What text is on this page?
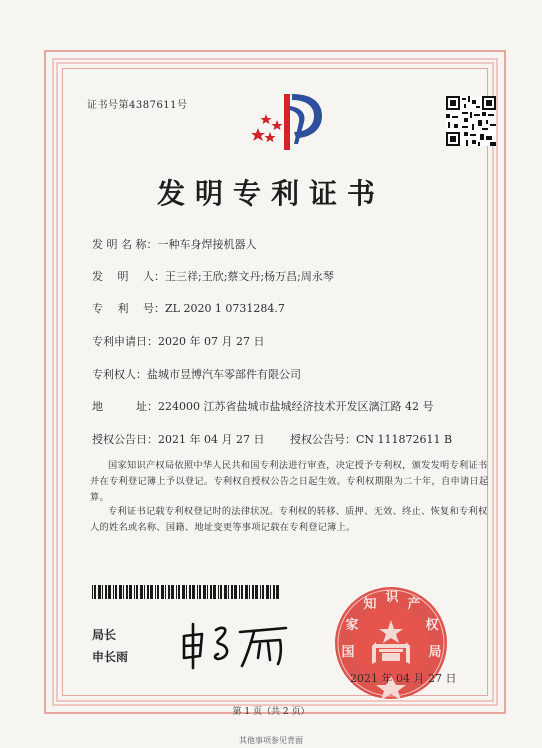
证书号第4387611号
发明专利证书
发 明 名 称：一种车身焊接机器人
发　 明　 人：王三祥;王欣;蔡文丹;杨万昌;周永琴
专　 利　 号：ZL 2020 1 0731284.7
专利申请日：2020 年 07 月 27 日
专利权人：盐城市昱博汽车零部件有限公司
地　　　址：224000 江苏省盐城市盐城经济技术开发区漓江路 42 号
授权公告日：2021 年 04 月 27 日 授权公告号：CN 111872611 B
国家知识产权局依照中华人民共和国专利法进行审查，决定授予专利权，颁发发明专利证书并在专利登记簿上予以登记。专利权自授权公告之日起生效。专利权期限为二十年，自申请日起算。
专利证书记载专利权登记时的法律状况。专利权的转移、质押、无效、终止、恢复和专利权人的姓名或名称、国籍、地址变更等事项记载在专利登记簿上。
局长
申长雨	国
家
知 识 产
权
局
2021 年 04 月 27 日
第 1 页（共 2 页）
其他事项参见背面
